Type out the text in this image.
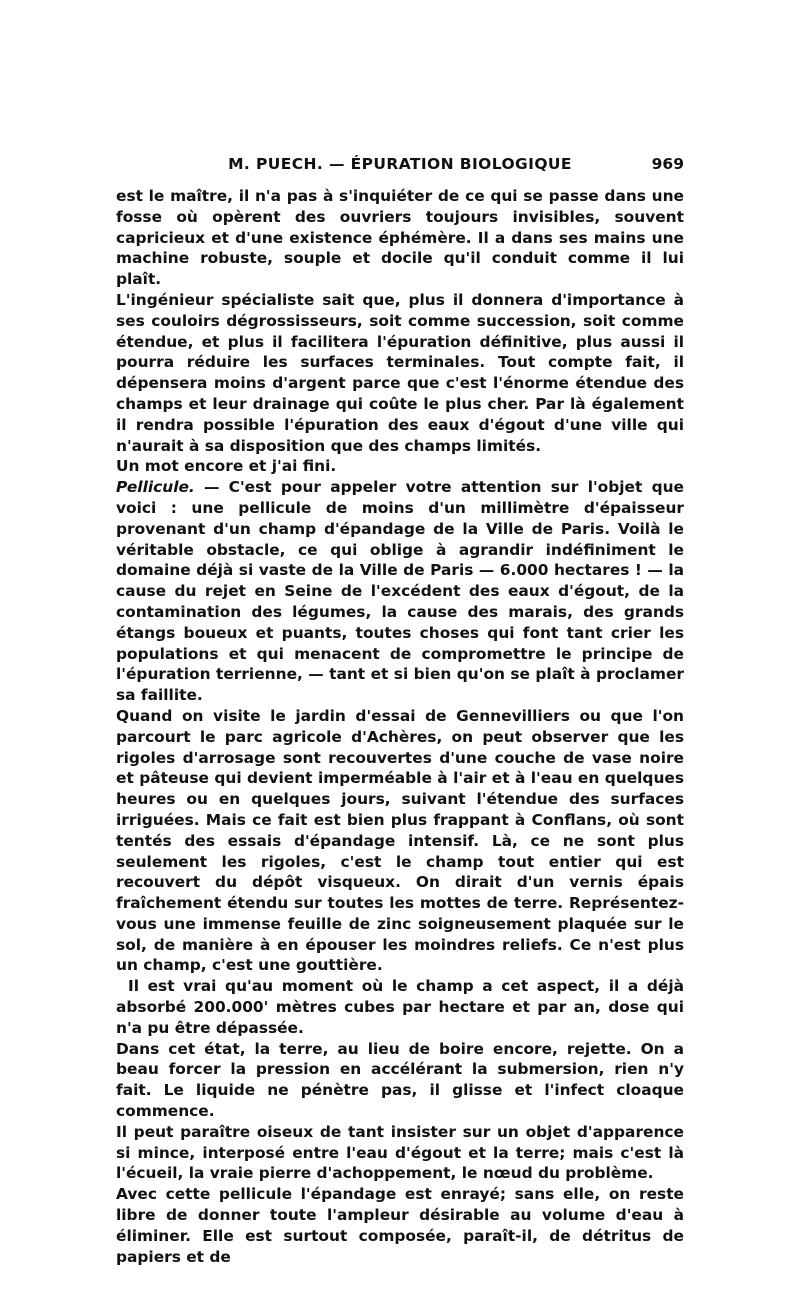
M. PUECH. — ÉPURATION BIOLOGIQUE	969

est le maître, il n'a pas à s'inquiéter de ce qui se passe dans une fosse où opèrent des ouvriers toujours invisibles, souvent capricieux et d'une existence éphémère. Il a dans ses mains une machine robuste, souple et docile qu'il conduit comme il lui plaît.

L'ingénieur spécialiste sait que, plus il donnera d'importance à ses couloirs dégrossisseurs, soit comme succession, soit comme étendue, et plus il facilitera l'épuration définitive, plus aussi il pourra réduire les surfaces terminales. Tout compte fait, il dépensera moins d'argent parce que c'est l'énorme étendue des champs et leur drainage qui coûte le plus cher. Par là également il rendra possible l'épuration des eaux d'égout d'une ville qui n'aurait à sa disposition que des champs limités.

Un mot encore et j'ai fini.

Pellicule. — C'est pour appeler votre attention sur l'objet que voici : une pellicule de moins d'un millimètre d'épaisseur provenant d'un champ d'épandage de la Ville de Paris. Voilà le véritable obstacle, ce qui oblige à agrandir indéfiniment le domaine déjà si vaste de la Ville de Paris — 6.000 hectares ! — la cause du rejet en Seine de l'excédent des eaux d'égout, de la contamination des légumes, la cause des marais, des grands étangs boueux et puants, toutes choses qui font tant crier les populations et qui menacent de compromettre le principe de l'épuration terrienne, — tant et si bien qu'on se plaît à proclamer sa faillite.

Quand on visite le jardin d'essai de Gennevilliers ou que l'on parcourt le parc agricole d'Achères, on peut observer que les rigoles d'arrosage sont recouvertes d'une couche de vase noire et pâteuse qui devient imperméable à l'air et à l'eau en quelques heures ou en quelques jours, suivant l'étendue des surfaces irriguées. Mais ce fait est bien plus frappant à Conflans, où sont tentés des essais d'épandage intensif. Là, ce ne sont plus seulement les rigoles, c'est le champ tout entier qui est recouvert du dépôt visqueux. On dirait d'un vernis épais fraîchement étendu sur toutes les mottes de terre. Représentez-vous une immense feuille de zinc soigneusement plaquée sur le sol, de manière à en épouser les moindres reliefs. Ce n'est plus un champ, c'est une gouttière.

Il est vrai qu'au moment où le champ a cet aspect, il a déjà absorbé 200.000' mètres cubes par hectare et par an, dose qui n'a pu être dépassée.

Dans cet état, la terre, au lieu de boire encore, rejette. On a beau forcer la pression en accélérant la submersion, rien n'y fait. Le liquide ne pénètre pas, il glisse et l'infect cloaque commence.

Il peut paraître oiseux de tant insister sur un objet d'apparence si mince, interposé entre l'eau d'égout et la terre; mais c'est là l'écueil, la vraie pierre d'achoppement, le nœud du problème.

Avec cette pellicule l'épandage est enrayé; sans elle, on reste libre de donner toute l'ampleur désirable au volume d'eau à éliminer. Elle est surtout composée, paraît-il, de détritus de papiers et de
